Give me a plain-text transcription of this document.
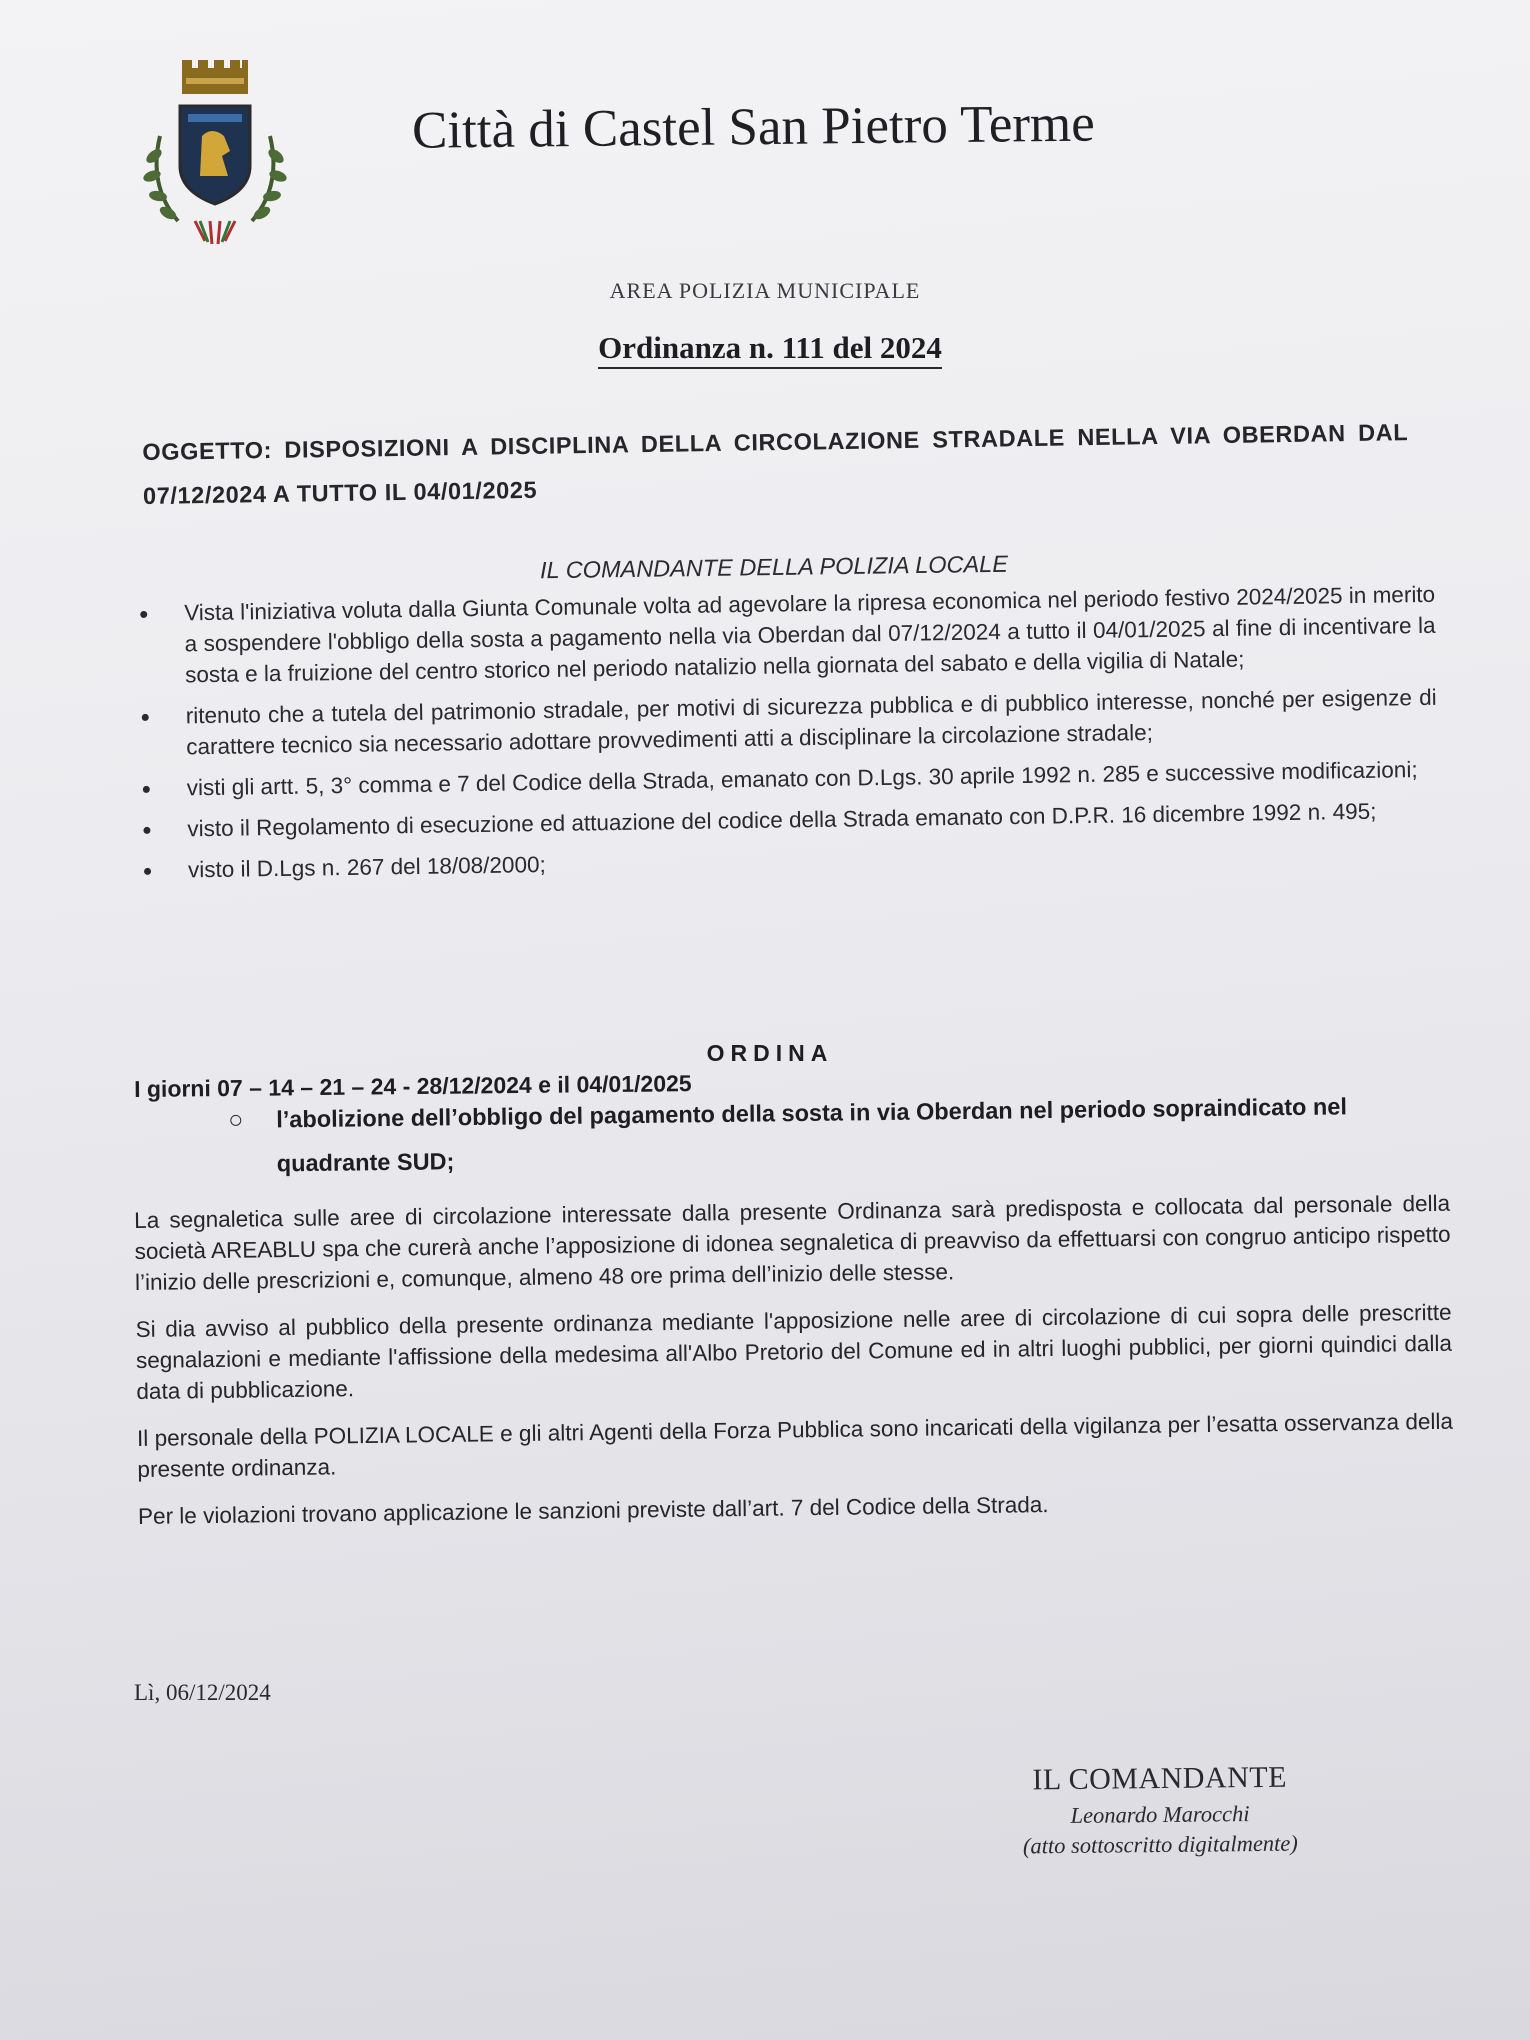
Città di Castel San Pietro Terme
AREA POLIZIA MUNICIPALE
Ordinanza n. 111 del 2024
OGGETTO: DISPOSIZIONI A DISCIPLINA DELLA CIRCOLAZIONE STRADALE NELLA VIA OBERDAN DAL 07/12/2024 A TUTTO IL 04/01/2025
IL COMANDANTE DELLA POLIZIA LOCALE
Vista l'iniziativa voluta dalla Giunta Comunale volta ad agevolare la ripresa economica nel periodo festivo 2024/2025 in merito a sospendere l'obbligo della sosta a pagamento nella via Oberdan dal 07/12/2024 a tutto il 04/01/2025 al fine di incentivare la sosta e la fruizione del centro storico nel periodo natalizio nella giornata del sabato e della vigilia di Natale;
ritenuto che a tutela del patrimonio stradale, per motivi di sicurezza pubblica e di pubblico interesse, nonché per esigenze di carattere tecnico sia necessario adottare provvedimenti atti a disciplinare la circolazione stradale;
visti gli artt. 5, 3° comma e 7 del Codice della Strada, emanato con D.Lgs. 30 aprile 1992 n. 285 e successive modificazioni;
visto il Regolamento di esecuzione ed attuazione del codice della Strada emanato con D.P.R. 16 dicembre 1992 n. 495;
visto il D.Lgs n. 267 del 18/08/2000;
ORDINA
I giorni 07 – 14 – 21 – 24 - 28/12/2024 e il 04/01/2025
l’abolizione dell’obbligo del pagamento della sosta in via Oberdan nel periodo sopraindicato nel quadrante SUD;

La segnaletica sulle aree di circolazione interessate dalla presente Ordinanza sarà predisposta e collocata dal personale della società AREABLU spa che curerà anche l’apposizione di idonea segnaletica di preavviso da effettuarsi con congruo anticipo rispetto l’inizio delle prescrizioni e, comunque, almeno 48 ore prima dell’inizio delle stesse.

Si dia avviso al pubblico della presente ordinanza mediante l'apposizione nelle aree di circolazione di cui sopra delle prescritte segnalazioni e mediante l'affissione della medesima all'Albo Pretorio del Comune ed in altri luoghi pubblici, per giorni quindici dalla data di pubblicazione.

Il personale della POLIZIA LOCALE e gli altri Agenti della Forza Pubblica sono incaricati della vigilanza per l’esatta osservanza della presente ordinanza.

Per le violazioni trovano applicazione le sanzioni previste dall’art. 7 del Codice della Strada.

Lì, 06/12/2024
IL COMANDANTE
Leonardo Marocchi
(atto sottoscritto digitalmente)
